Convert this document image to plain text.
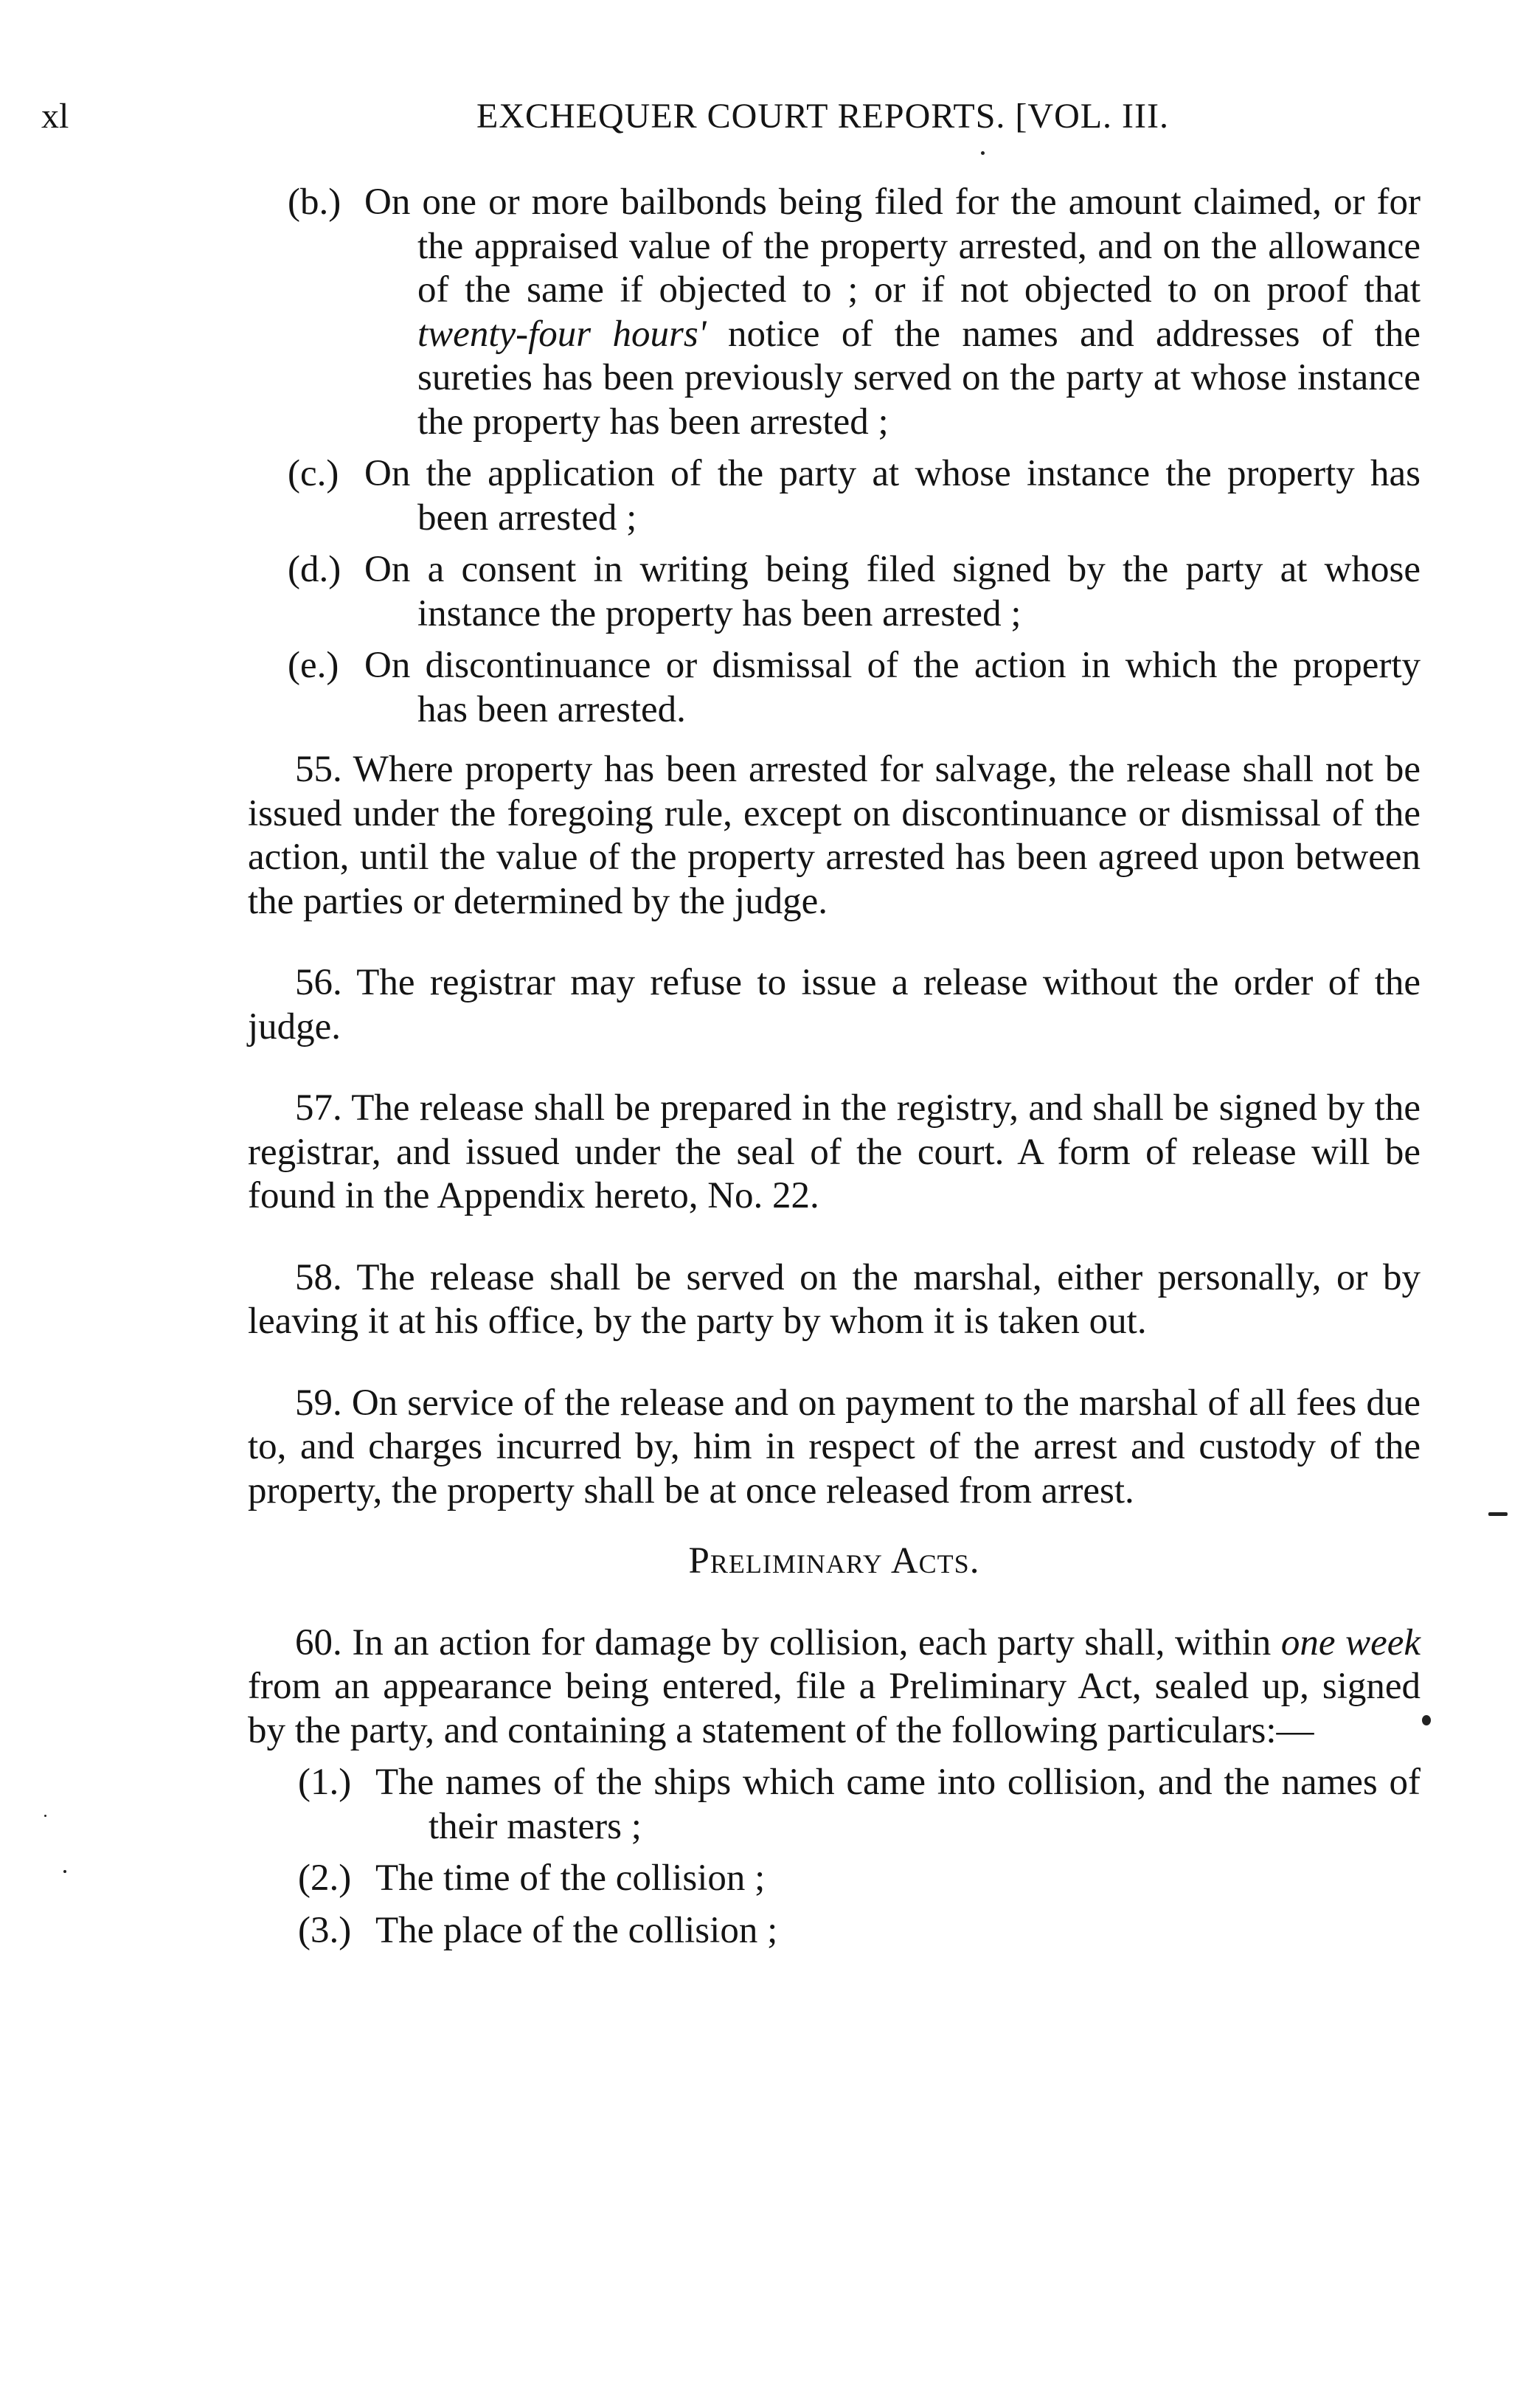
xl	EXCHEQUER COURT REPORTS. [VOL. III.
(b.) On one or more bailbonds being filed for the amount claimed, or for the appraised value of the property arrested, and on the allowance of the same if objected to ; or if not objected to on proof that twenty-four hours' notice of the names and addresses of the sureties has been previously served on the party at whose instance the property has been arrested ;
(c.) On the application of the party at whose instance the property has been arrested ;
(d.) On a consent in writing being filed signed by the party at whose instance the property has been arrested ;
(e.) On discontinuance or dismissal of the action in which the property has been arrested.

55. Where property has been arrested for salvage, the release shall not be issued under the foregoing rule, except on discontinuance or dismissal of the action, until the value of the property arrested has been agreed upon between the parties or determined by the judge.

56. The registrar may refuse to issue a release without the order of the judge.

57. The release shall be prepared in the registry, and shall be signed by the registrar, and issued under the seal of the court. A form of release will be found in the Appendix hereto, No. 22.

58. The release shall be served on the marshal, either personally, or by leaving it at his office, by the party by whom it is taken out.

59. On service of the release and on payment to the marshal of all fees due to, and charges incurred by, him in respect of the arrest and custody of the property, the property shall be at once released from arrest.

Preliminary Acts.

60. In an action for damage by collision, each party shall, within one week from an appearance being entered, file a Preliminary Act, sealed up, signed by the party, and containing a statement of the following particulars:—

(1.) The names of the ships which came into collision, and the names of their masters ;
(2.) The time of the collision ;
(3.) The place of the collision ;
